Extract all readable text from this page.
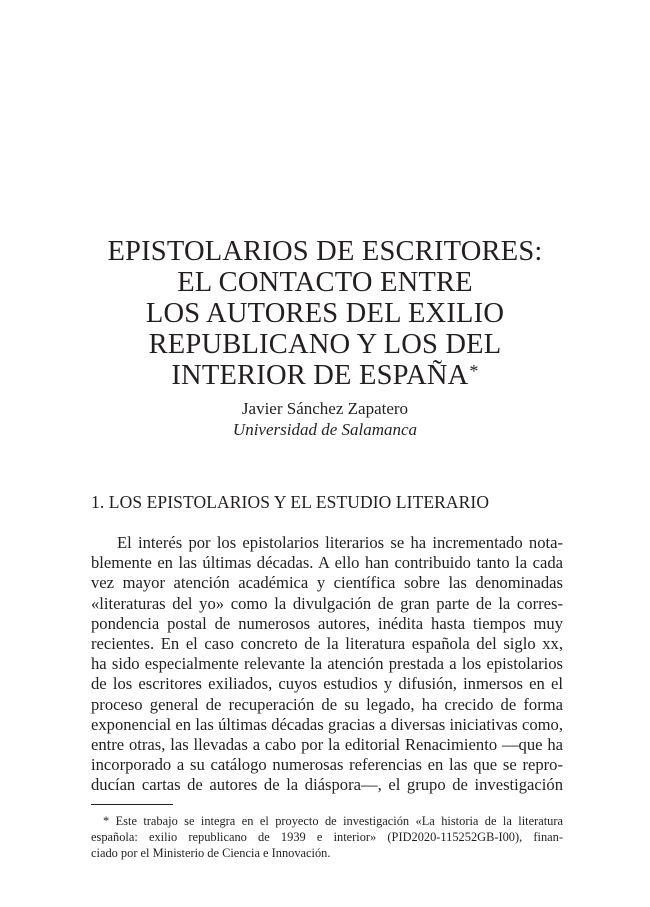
EPISTOLARIOS DE ESCRITORES:
EL CONTACTO ENTRE
LOS AUTORES DEL EXILIO
REPUBLICANO Y LOS DEL
INTERIOR DE ESPAÑA*
Javier Sánchez Zapatero
Universidad de Salamanca
1. LOS EPISTOLARIOS Y EL ESTUDIO LITERARIO
El interés por los epistolarios literarios se ha incrementado nota-
blemente en las últimas décadas. A ello han contribuido tanto la cada
vez mayor atención académica y científica sobre las denominadas
«literaturas del yo» como la divulgación de gran parte de la corres-
pondencia postal de numerosos autores, inédita hasta tiempos muy
recientes. En el caso concreto de la literatura española del siglo xx,
ha sido especialmente relevante la atención prestada a los epistolarios
de los escritores exiliados, cuyos estudios y difusión, inmersos en el
proceso general de recuperación de su legado, ha crecido de forma
exponencial en las últimas décadas gracias a diversas iniciativas como,
entre otras, las llevadas a cabo por la editorial Renacimiento —que ha
incorporado a su catálogo numerosas referencias en las que se repro-
ducían cartas de autores de la diáspora—, el grupo de investigación
* Este trabajo se integra en el proyecto de investigación «La historia de la literatura
española: exilio republicano de 1939 e interior» (PID2020-115252GB-I00), finan-
ciado por el Ministerio de Ciencia e Innovación.
